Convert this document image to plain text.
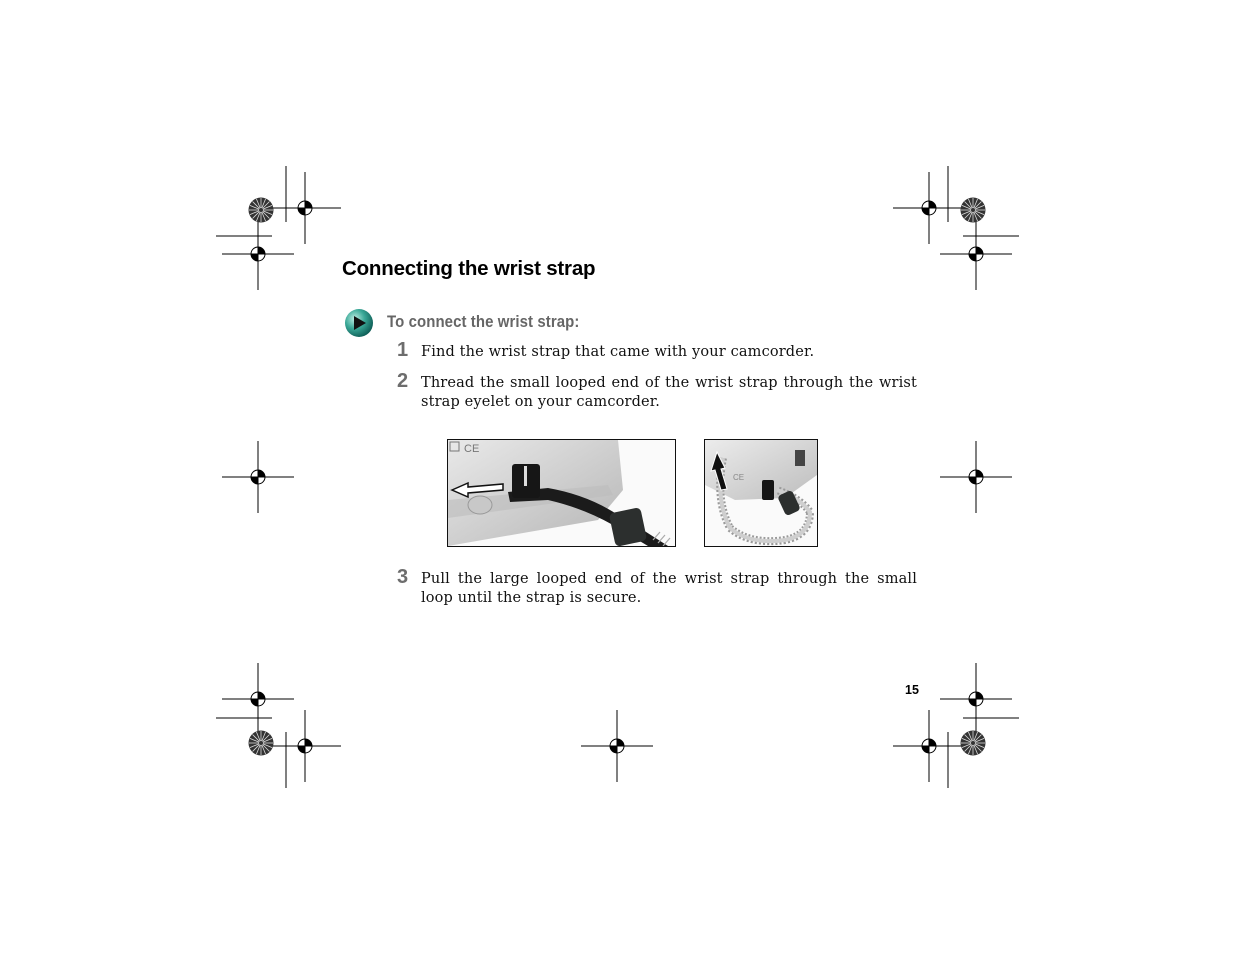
Connecting the wrist strap
To connect the wrist strap:
1 Find the wrist strap that came with your camcorder.
2 Thread the small looped end of the wrist strap through the wrist strap eyelet on your camcorder.
CE
CE
3 Pull the large looped end of the wrist strap through the small loop until the strap is secure.
15
